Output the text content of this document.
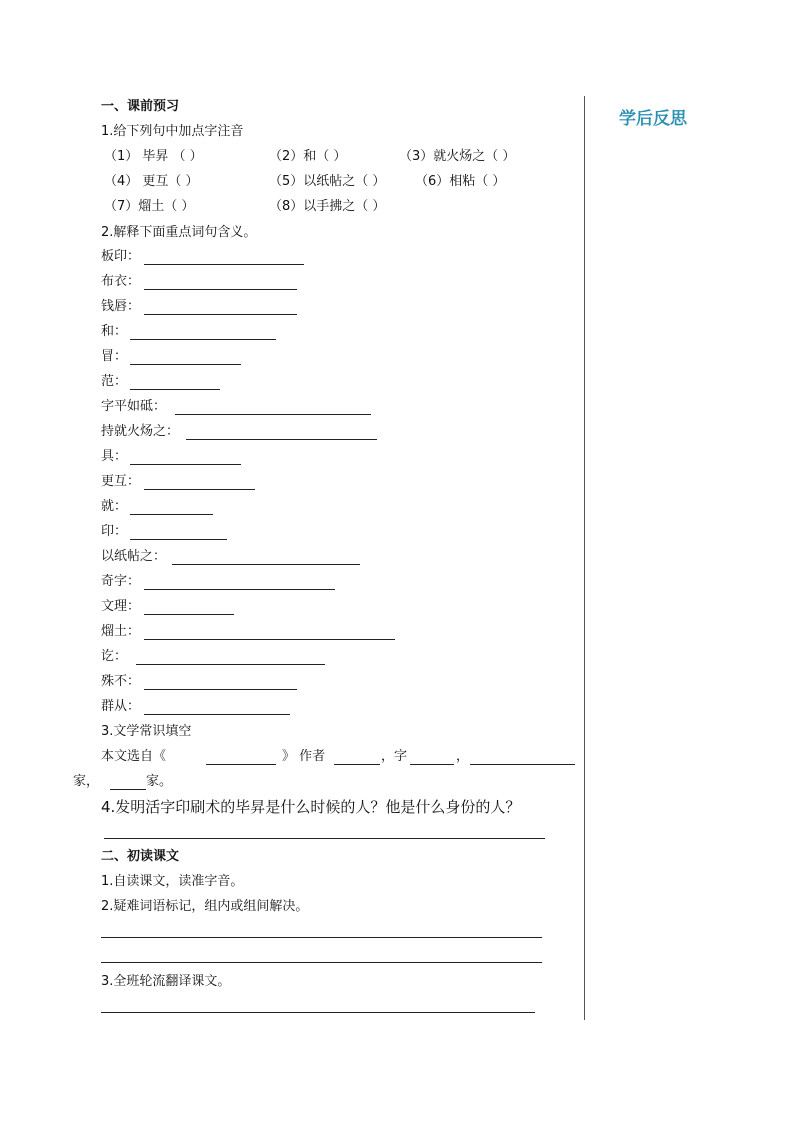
学后反思
一、课前预习
1.给下列句中加点字注音
（1） 毕昇 （ ）	（2）和（ ）	（3）就火炀之（ ）
（4） 更互（ ）	（5）以纸帖之（ ） （6）相粘（ ）
（7）熘土（ ）	（8）以手拂之（ ）
2.解释下面重点词句含义。
板印：
布衣：
钱唇：
和：
冒：
范：
字平如砥：
持就火炀之：
具：
更互：
就：
印：
以纸帖之：
奇字：
文理：
熘土：
讫：
殊不：
群从：
3.文学常识填空
本文选自《	》 作者	，字	，
家，	家。
4.发明活字印刷术的毕昇是什么时候的人？他是什么身份的人？
二、初读课文
1.自读课文，读准字音。
2.疑难词语标记，组内或组间解决。
3.全班轮流翻译课文。
